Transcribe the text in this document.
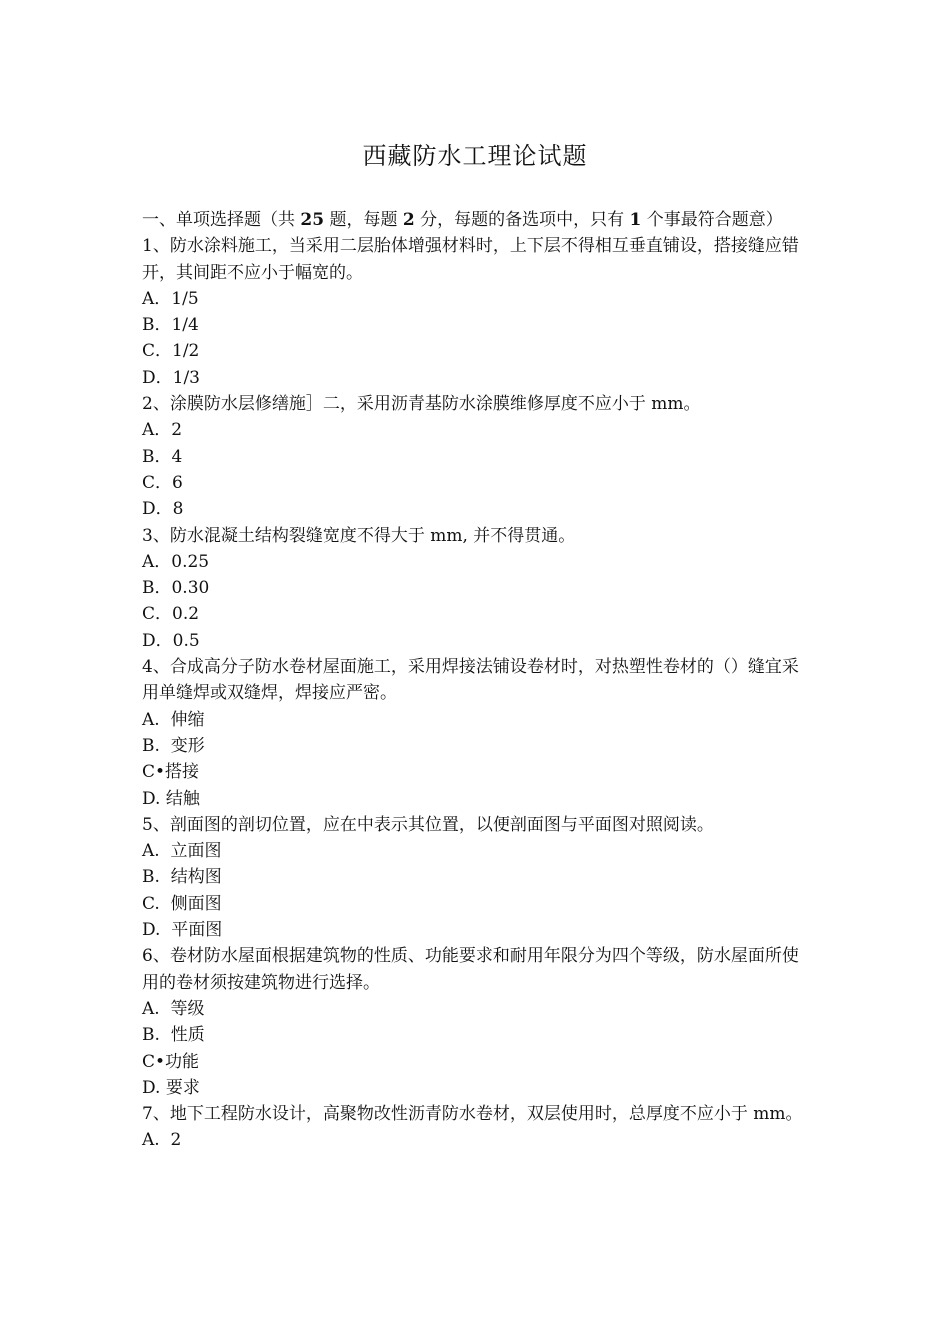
西藏防水工理论试题
一、单项选择题（共 25 题，每题 2 分，每题的备选项中，只有 1 个事最符合题意）
1、防水涂料施工，当采用二层胎体增强材料时，上下层不得相互垂直铺设，搭接缝应错开，其间距不应小于幅宽的。
A．1/5
B．1/4
C．1/2
D．1/3
2、涂膜防水层修缮施］二，采用沥青基防水涂膜维修厚度不应小于 mm。
A．2
B．4
C．6
D．8
3、防水混凝土结构裂缝宽度不得大于 mm, 并不得贯通。
A．0.25
B．0.30
C．0.2
D．0.5
4、合成高分子防水卷材屋面施工，采用焊接法铺设卷材时，对热塑性卷材的（）缝宜采用单缝焊或双缝焊，焊接应严密。
A.  伸缩
B.  变形
C•搭接
D. 结触
5、剖面图的剖切位置，应在中表示其位置，以便剖面图与平面图对照阅读。
A.  立面图
B.  结构图
C.  侧面图
D.  平面图
6、卷材防水屋面根据建筑物的性质、功能要求和耐用年限分为四个等级，防水屋面所使用的卷材须按建筑物进行选择。
A.  等级
B.  性质
C•功能
D. 要求
7、地下工程防水设计，高聚物改性沥青防水卷材，双层使用时，总厚度不应小于 mm。
A.  2
